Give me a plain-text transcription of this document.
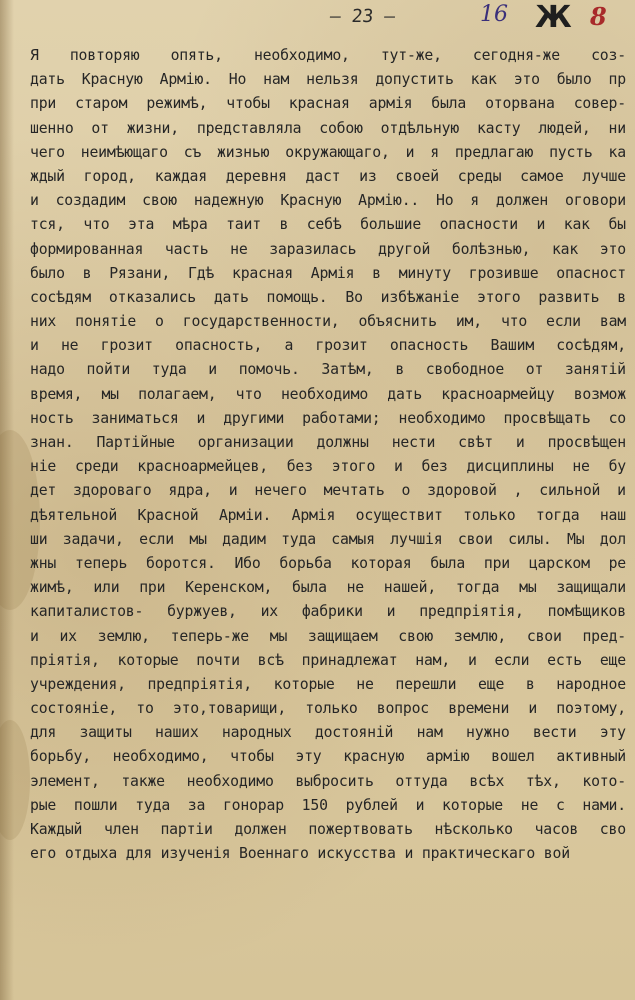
— 23 —	16 Ж 8
Я повторяю опять, необходимо, тут-же, сегодня-же соз-
дать Красную Армію. Но нам нельзя допустить как это было пр
при старом режимѣ, чтобы красная армія была оторвана совер-
шенно от жизни, представляла собою отдѣльную касту людей, ни
чего неимѣющаго съ жизнью окружающаго, и я предлагаю пусть ка
ждый город, каждая деревня даст из своей среды самое лучше
и создадим свою надежную Красную Армію.. Но я должен оговори
тся, что эта мѣра таит в себѣ большие опасности и как бы
формированная часть не заразилась другой болѣзнью, как это
было в Рязани, Гдѣ красная Армія в минуту грозивше опасност
сосѣдям отказались дать помощь. Во избѣжаніе этого развить в
них понятіе о государственности, объяснить им, что если вам
и не грозит опасность, а грозит опасность Вашим сосѣдям,
надо пойти туда и помочь. Затѣм, в свободное от занятій
время, мы полагаем, что необходимо дать красноармейцу возмож
ность заниматься и другими работами; необходимо просвѣщать со
знан. Партійные организации должны нести свѣт и просвѣщен
ніе среди красноармейцев, без этого и без дисциплины не бу
дет здороваго ядра, и нечего мечтать о здоровой , сильной и
дѣятельной Красной Арміи. Армія осуществит только тогда наш
ши задачи, если мы дадим туда самыя лучшія свои силы. Мы дол
жны теперь боротся. Ибо борьба которая была при царском ре
жимѣ, или при Керенском, была не нашей, тогда мы защищали
капиталистов- буржуев, их фабрики и предпріятія, помѣщиков
и их землю, теперь-же мы защищаем свою землю, свои пред-
пріятія, которые почти всѣ принадлежат нам, и если есть еще
учреждения, предпріятія, которые не перешли еще в народное
состояніе, то это,товарищи, только вопрос времени и поэтому,
для защиты наших народных достояній нам нужно вести эту
борьбу, необходимо, чтобы эту красную армію вошел активный
элемент, также необходимо выбросить оттуда всѣх тѣх, кото-
рые пошли туда за гонорар 150 рублей и которые не с нами.
Каждый член партіи должен пожертвовать нѣсколько часов сво
его отдыха для изученія Военнаго искусства и практическаго вой
